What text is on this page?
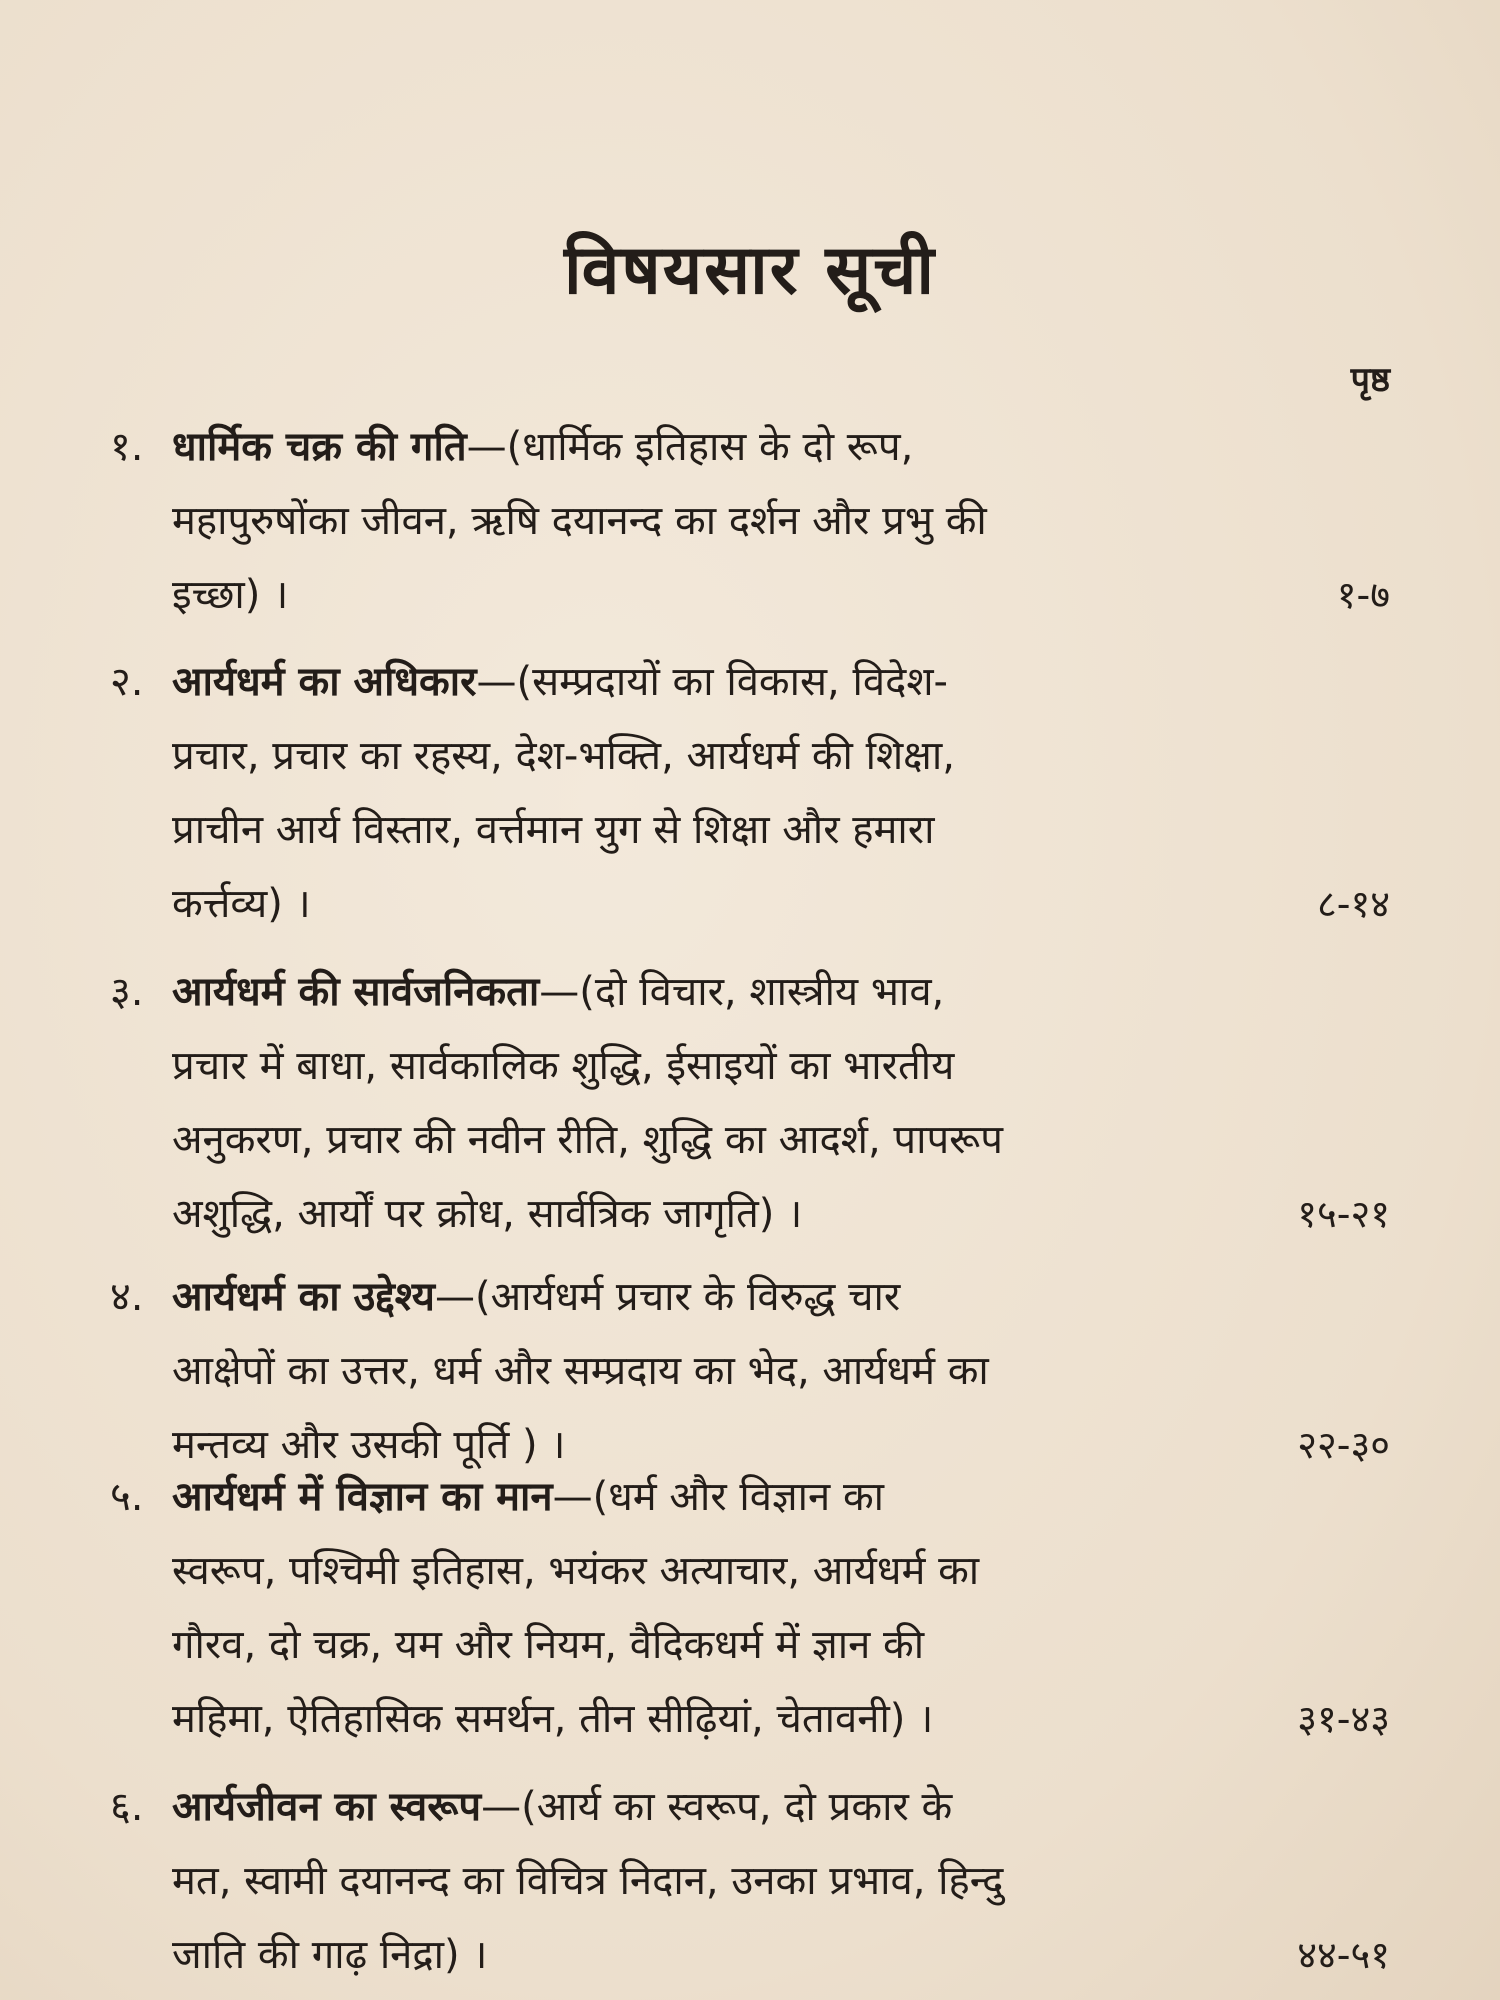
विषयसार सूची
पृष्ठ
१. धार्मिक चक्र की गति—(धार्मिक इतिहास के दो रूप,
महापुरुषोंका जीवन, ऋषि दयानन्द का दर्शन और प्रभु की
इच्छा) ।	१-७
२. आर्यधर्म का अधिकार—(सम्प्रदायों का विकास, विदेश-
प्रचार, प्रचार का रहस्य, देश-भक्ति, आर्यधर्म की शिक्षा,
प्राचीन आर्य विस्तार, वर्त्तमान युग से शिक्षा और हमारा
कर्त्तव्य) ।	८-१४
३. आर्यधर्म की सार्वजनिकता—(दो विचार, शास्त्रीय भाव,
प्रचार में बाधा, सार्वकालिक शुद्धि, ईसाइयों का भारतीय
अनुकरण, प्रचार की नवीन रीति, शुद्धि का आदर्श, पापरूप
अशुद्धि, आर्यों पर क्रोध, सार्वत्रिक जागृति) ।	१५-२१
४. आर्यधर्म का उद्देश्य—(आर्यधर्म प्रचार के विरुद्ध चार
आक्षेपों का उत्तर, धर्म और सम्प्रदाय का भेद, आर्यधर्म का
मन्तव्य और उसकी पूर्ति ) ।	२२-३०
५. आर्यधर्म में विज्ञान का मान—(धर्म और विज्ञान का
स्वरूप, पश्चिमी इतिहास, भयंकर अत्याचार, आर्यधर्म का
गौरव, दो चक्र, यम और नियम, वैदिकधर्म में ज्ञान की
महिमा, ऐतिहासिक समर्थन, तीन सीढ़ियां, चेतावनी) ।	३१-४३
६. आर्यजीवन का स्वरूप—(आर्य का स्वरूप, दो प्रकार के
मत, स्वामी दयानन्द का विचित्र निदान, उनका प्रभाव, हिन्दु
जाति की गाढ़ निद्रा) ।	४४-५१
